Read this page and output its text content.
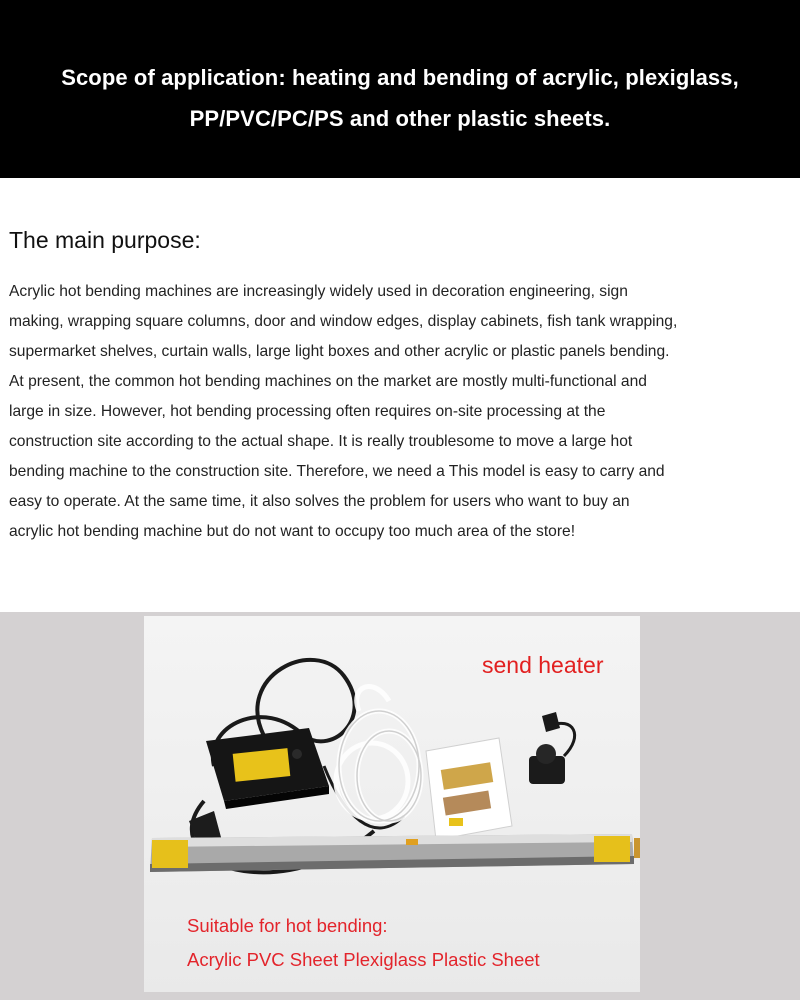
Scope of application: heating and bending of acrylic, plexiglass,
PP/PVC/PC/PS and other plastic sheets.
The main purpose:
Acrylic hot bending machines are increasingly widely used in decoration engineering, sign
making, wrapping square columns, door and window edges, display cabinets, fish tank wrapping,
supermarket shelves, curtain walls, large light boxes and other acrylic or plastic panels bending.
At present, the common hot bending machines on the market are mostly multi-functional and
large in size. However, hot bending processing often requires on-site processing at the
construction site according to the actual shape. It is really troublesome to move a large hot
bending machine to the construction site. Therefore, we need a This model is easy to carry and
easy to operate. At the same time, it also solves the problem for users who want to buy an
acrylic hot bending machine but do not want to occupy too much area of the store!
send heater
Suitable for hot bending:
Acrylic PVC Sheet Plexiglass Plastic Sheet
